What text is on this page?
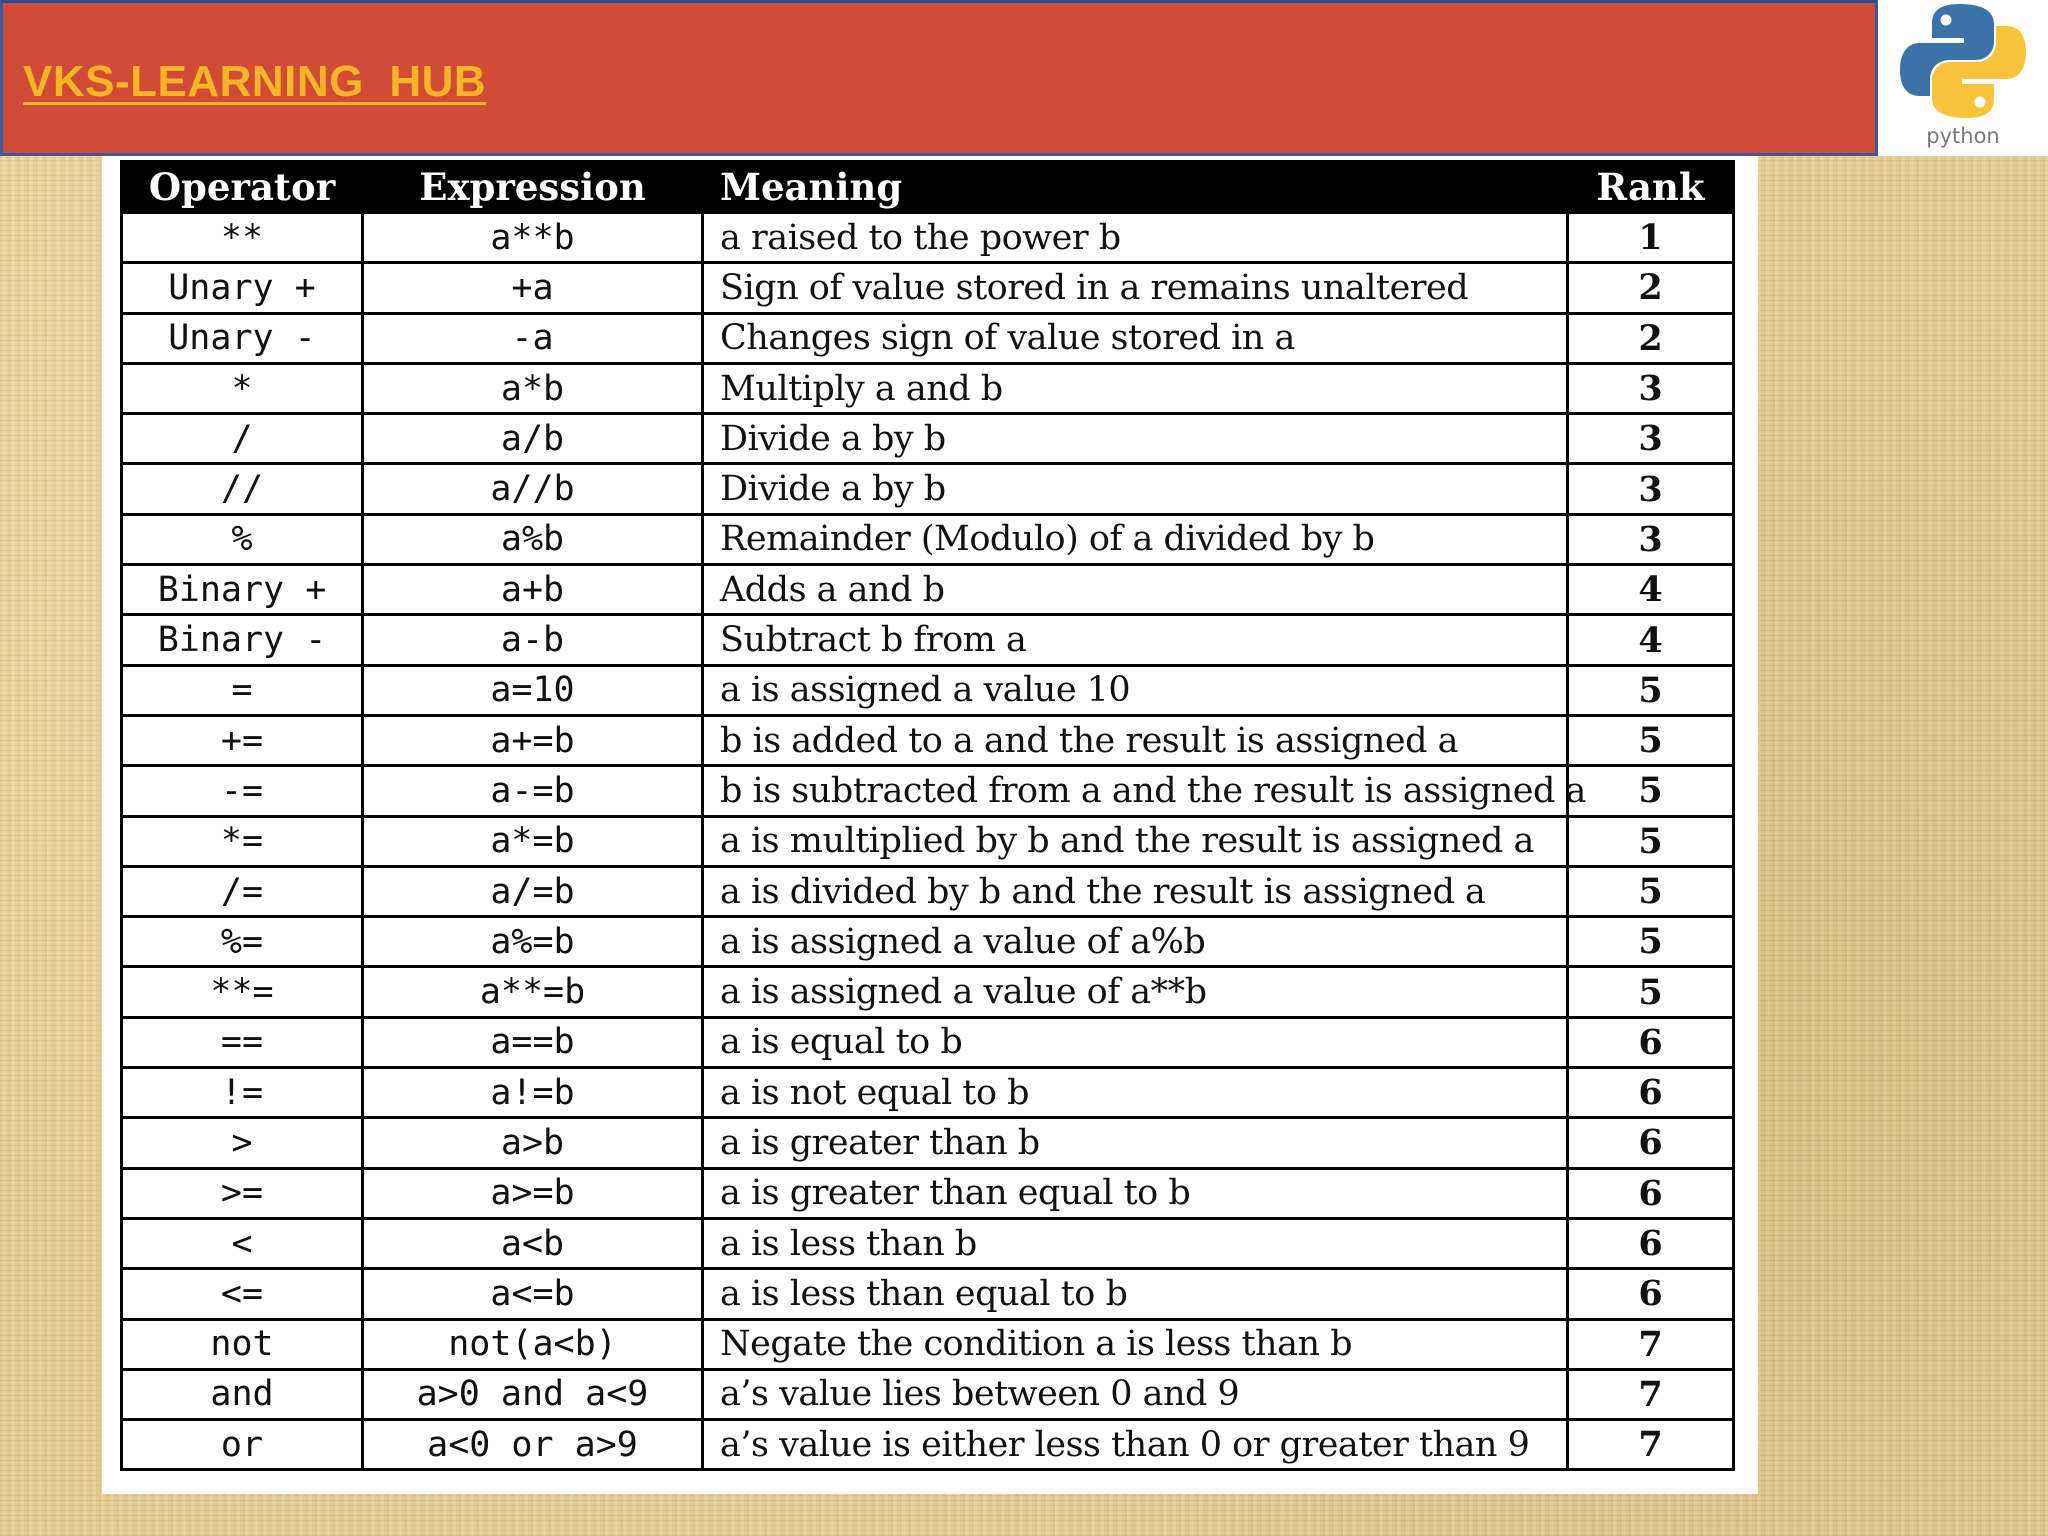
VKS-LEARNING  HUB
python
Operator	Expression	Meaning	Rank
**	a**b	a raised to the power b	1
Unary +	+a	Sign of value stored in a remains unaltered	2
Unary -	-a	Changes sign of value stored in a	2
*	a*b	Multiply a and b	3
/	a/b	Divide a by b	3
//	a//b	Divide a by b	3
%	a%b	Remainder (Modulo) of a divided by b	3
Binary +	a+b	Adds a and b	4
Binary -	a-b	Subtract b from a	4
=	a=10	a is assigned a value 10	5
+=	a+=b	b is added to a and the result is assigned a	5
-=	a-=b	b is subtracted from a and the result is assigned a	5
*=	a*=b	a is multiplied by b and the result is assigned a	5
/=	a/=b	a is divided by b and the result is assigned a	5
%=	a%=b	a is assigned a value of a%b	5
**=	a**=b	a is assigned a value of a**b	5
==	a==b	a is equal to b	6
!=	a!=b	a is not equal to b	6
>	a>b	a is greater than b	6
>=	a>=b	a is greater than equal to b	6
<	a<b	a is less than b	6
<=	a<=b	a is less than equal to b	6
not	not(a<b)	Negate the condition a is less than b	7
and	a>0 and a<9	a’s value lies between 0 and 9	7
or	a<0 or a>9	a’s value is either less than 0 or greater than 9	7
